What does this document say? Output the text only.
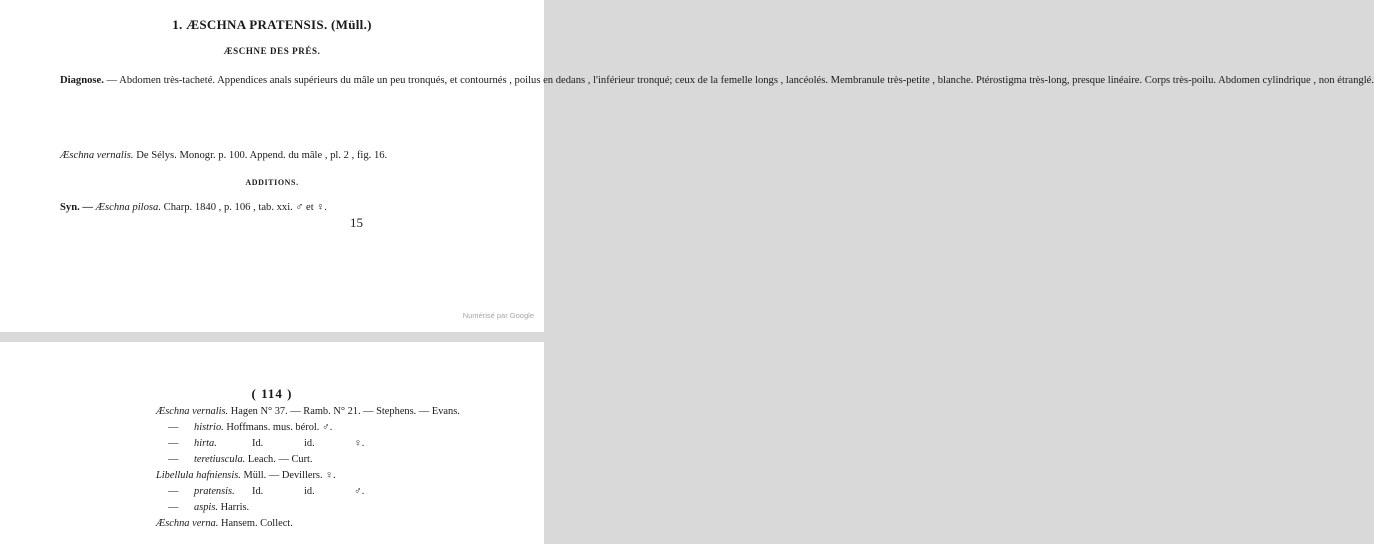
1. ÆSCHNA PRATENSIS. (Müll.)
ÆSCHNE DES PRÉS.
Diagnose. — Abdomen très-tacheté. Appendices anals supérieurs du mâle un peu tronqués, et contournés , poilus en dedans , l'inférieur tronqué; ceux de la femelle longs , lancéolés. Membranule très-petite , blanche. Ptérostigma très-long, presque linéaire. Corps très-poilu. Abdomen cylindrique , non étranglé.
Æschna vernalis. De Sélys. Monogr. p. 100. Append. du mâle , pl. 2 , fig. 16.
ADDITIONS.
Syn. — Æschna pilosa. Charp. 1840 , p. 106 , tab. xxi. ♂ et ♀.
15
Numérisé par Google
( 114 )
Æschna vernalis. Hagen N° 37. — Ramb. N° 21. — Stephens. — Evans.
— histrio. Hoffmans. mus. bérol. ♂.
— hirta.	Id.	id.	♀.
— teretiuscula. Leach. — Curt.
Libellula hafniensis. Müll. — Devillers. ♀.
— pratensis. Id.	id.	♂.
— aspis. Harris.
Æschna verna. Hansem. Collect.
